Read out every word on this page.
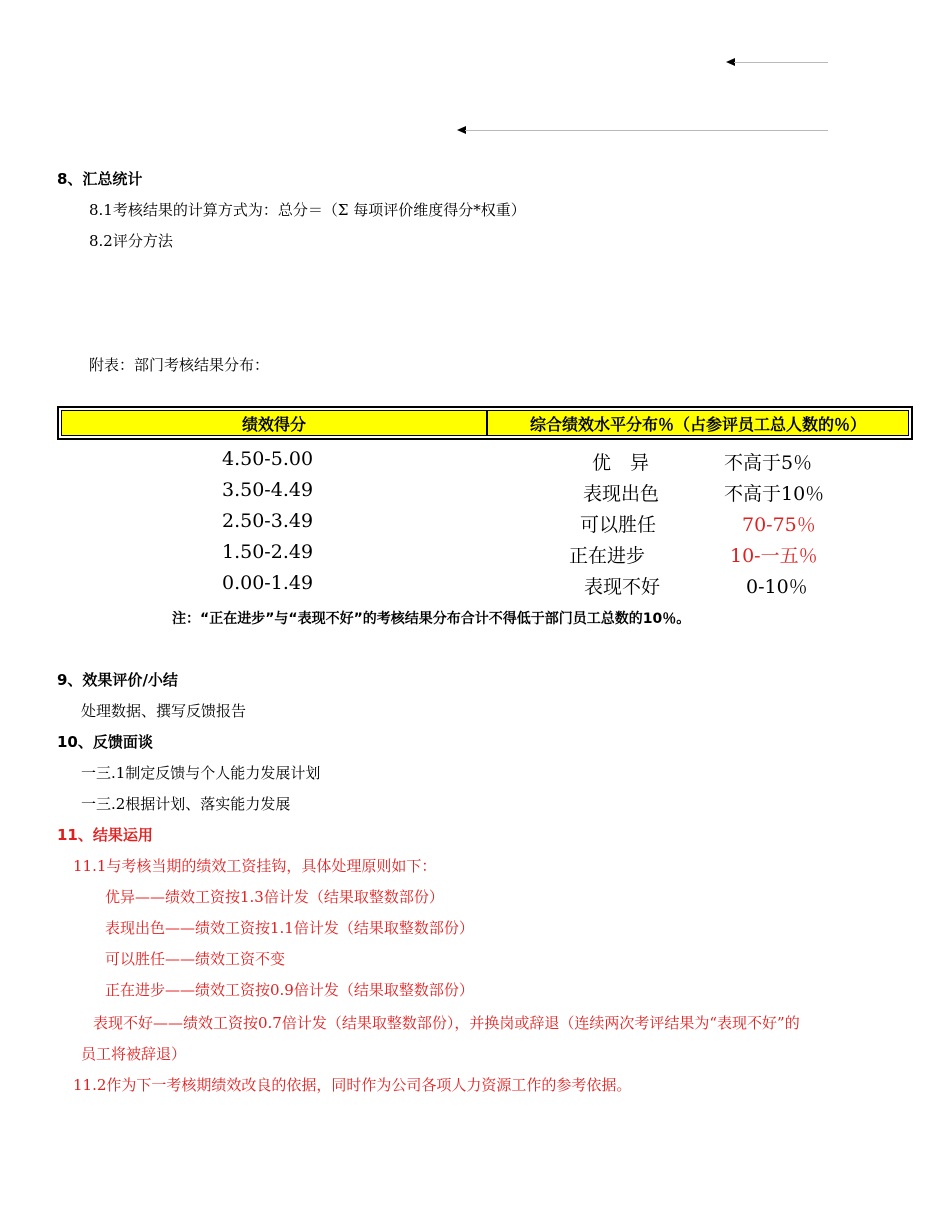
8、汇总统计
8.1考核结果的计算方式为：总分＝（Σ 每项评价维度得分*权重）
8.2评分方法
附表：部门考核结果分布：
绩效得分	综合绩效水平分布％（占参评员工总人数的％）
4.50-5.00	优　异	不高于5％
3.50-4.49	表现出色	不高于10％
2.50-3.49	可以胜任	70-75％
1.50-2.49	正在进步	10-一五％
0.00-1.49	表现不好	0-10％
注：“正在进步”与“表现不好”的考核结果分布合计不得低于部门员工总数的10％。
9、效果评价/小结
处理数据、撰写反馈报告
10、反馈面谈
一三.1制定反馈与个人能力发展计划
一三.2根据计划、落实能力发展
11、结果运用
11.1与考核当期的绩效工资挂钩，具体处理原则如下：
优异——绩效工资按1.3倍计发（结果取整数部份）
表现出色——绩效工资按1.1倍计发（结果取整数部份）
可以胜任——绩效工资不变
正在进步——绩效工资按0.9倍计发（结果取整数部份）
表现不好——绩效工资按0.7倍计发（结果取整数部份），并换岗或辞退（连续两次考评结果为“表现不好”的
员工将被辞退）
11.2作为下一考核期绩效改良的依据，同时作为公司各项人力资源工作的参考依据。
